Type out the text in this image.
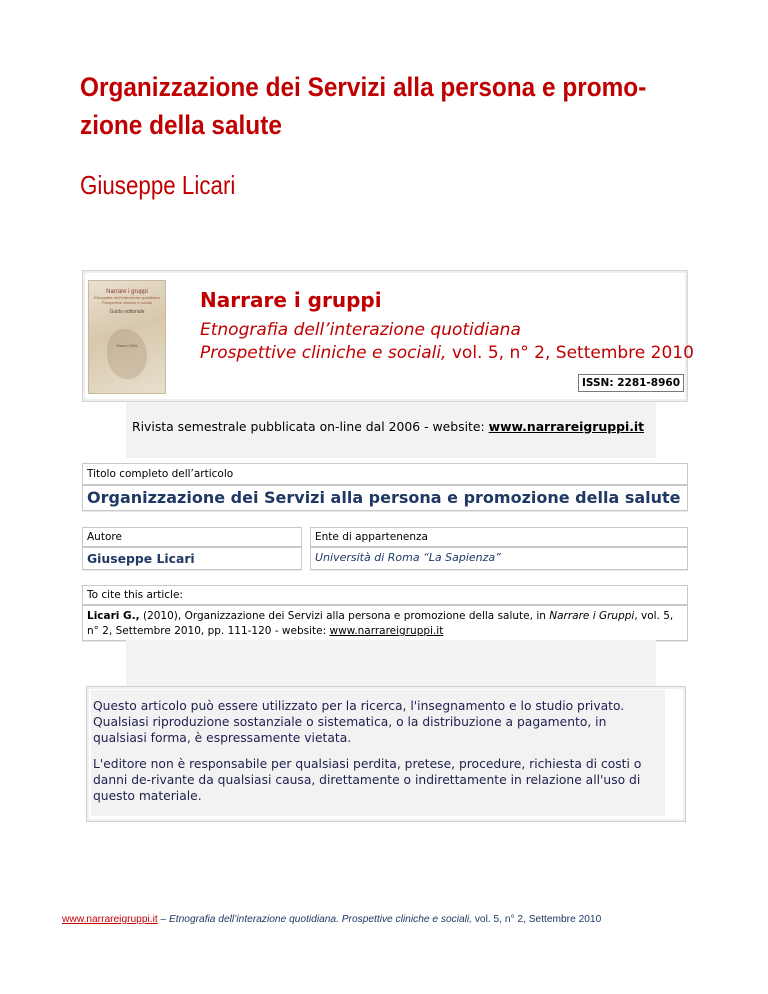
Organizzazione dei Servizi alla persona e promo-
zione della salute
Giuseppe Licari
Narrare i gruppi
Etnografia dell'interazione quotidiana
Prospettive cliniche e sociali
Guida editoriale
Marzo 2006
Narrare i gruppi
Etnografia dell’interazione quotidiana
Prospettive cliniche e sociali, vol. 5, n° 2, Settembre 2010
ISSN: 2281-8960
Rivista semestrale pubblicata on-line dal 2006 - website: www.narrareigruppi.it
Titolo completo dell’articolo
Organizzazione dei Servizi alla persona e promozione della salute
Autore	Ente di appartenenza
Giuseppe Licari	Università di Roma “La Sapienza”
To cite this article:
Licari G., (2010), Organizzazione dei Servizi alla persona e promozione della salute, in Narrare i Gruppi, vol. 5, n° 2, Settembre 2010, pp. 111-120 - website: www.narrareigruppi.it

Questo articolo può essere utilizzato per la ricerca, l'insegnamento e lo studio privato. Qualsiasi riproduzione sostanziale o sistematica, o la distribuzione a pagamento, in qualsiasi forma, è espressamente vietata.

L'editore non è responsabile per qualsiasi perdita, pretese, procedure, richiesta di costi o danni de-rivante da qualsiasi causa, direttamente o indirettamente in relazione all'uso di questo materiale.

www.narrareigruppi.it – Etnografia dell’interazione quotidiana. Prospettive cliniche e sociali, vol. 5, n° 2, Settembre 2010
